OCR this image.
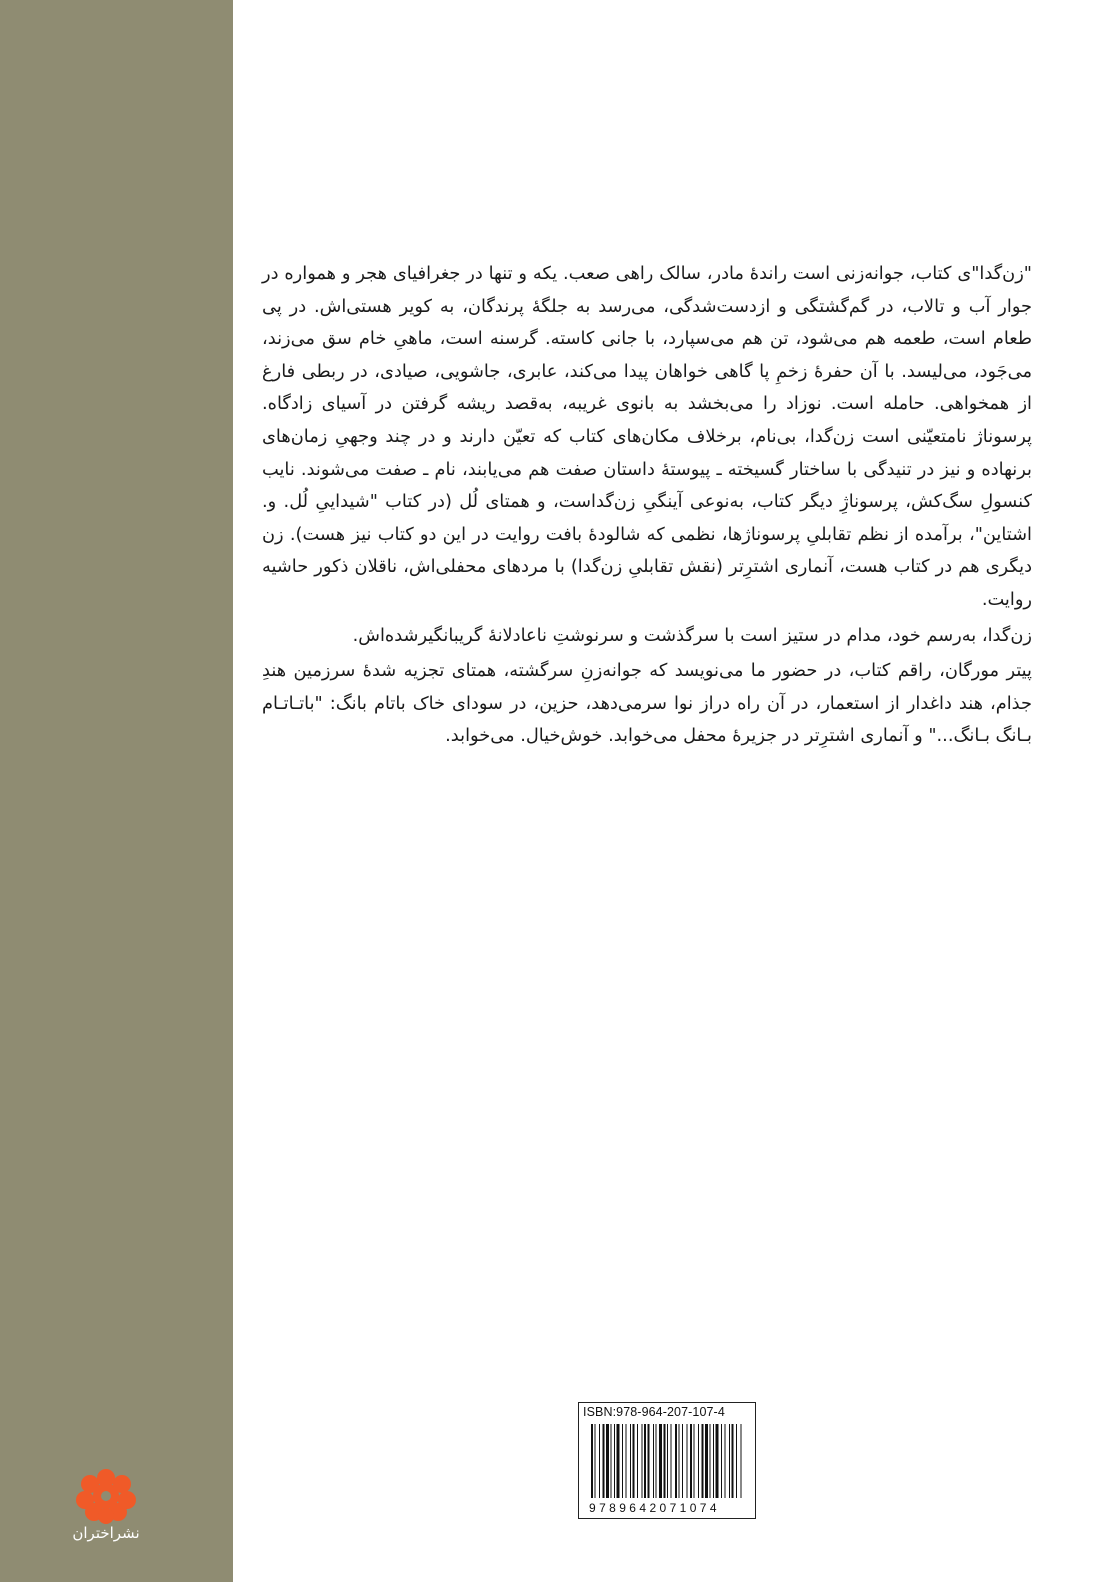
"زن‌گدا"ی کتاب، جوانه‌زنی است راندهٔ مادر، سالک راهی صعب. یکه و تنها در جغرافیای هجر و همواره در جوار آب و تالاب، در گم‌گشتگی و ازدست‌شدگی، می‌رسد به جلگهٔ پرندگان، به کویر هستی‌اش. در پی طعام است، طعمه هم می‌شود، تن هم می‌سپارد، با جانی کاسته. گرسنه است، ماهیِ خام سق می‌زند، می‌جَود، می‌لیسد. با آن حفرهٔ زخمِ پا گاهی خواهان پیدا می‌کند، عابری، جاشویی، صیادی، در ربطی فارغ از همخواهی. حامله است. نوزاد را می‌بخشد به بانوی غریبه، به‌قصد ریشه گرفتن در آسیای زادگاه. پرسوناژ نامتعیّنی است زن‌گدا، بی‌نام، برخلاف مکان‌های کتاب که تعیّن دارند و در چند وجهیِ زمان‌های برنهاده و نیز در تنیدگی با ساختار گسیخته ـ پیوستهٔ داستان صفت هم می‌یابند، نام ـ صفت می‌شوند. نایب کنسولِ سگ‌کش، پرسوناژِ دیگر کتاب، به‌نوعی آینگیِ زن‌گداست، و همتای لُل (در کتاب "شیداییِ لُل. و. اشتاین"، برآمده از نظم تقابلیِ پرسوناژها، نظمی که شالودهٔ بافت روایت در این دو کتاب نیز هست). زن دیگری هم در کتاب هست، آنماری اشترِتر (نقش تقابلیِ زن‌گدا) با مردهای محفلی‌اش، ناقلان ذکور حاشیه روایت.

زن‌گدا، به‌رسم خود، مدام در ستیز است با سرگذشت و سرنوشتِ ناعادلانهٔ گریبانگیرشده‌اش.

پیتر مورگان، راقم کتاب، در حضور ما می‌نویسد که جوانه‌زنِ سرگشته، همتای تجزیه شدهٔ سرزمین هندِ جذام، هند داغدار از استعمار، در آن راه دراز نوا سرمی‌دهد، حزین، در سودای خاک باتام بانگ: "باتـاتـام بـانگ بـانگ..." و آنماری اشترِتر در جزیرهٔ محفل می‌خوابد. خوش‌خیال. می‌خوابد.

ISBN:978-964-207-107-4
9789642071074
نشراختران
